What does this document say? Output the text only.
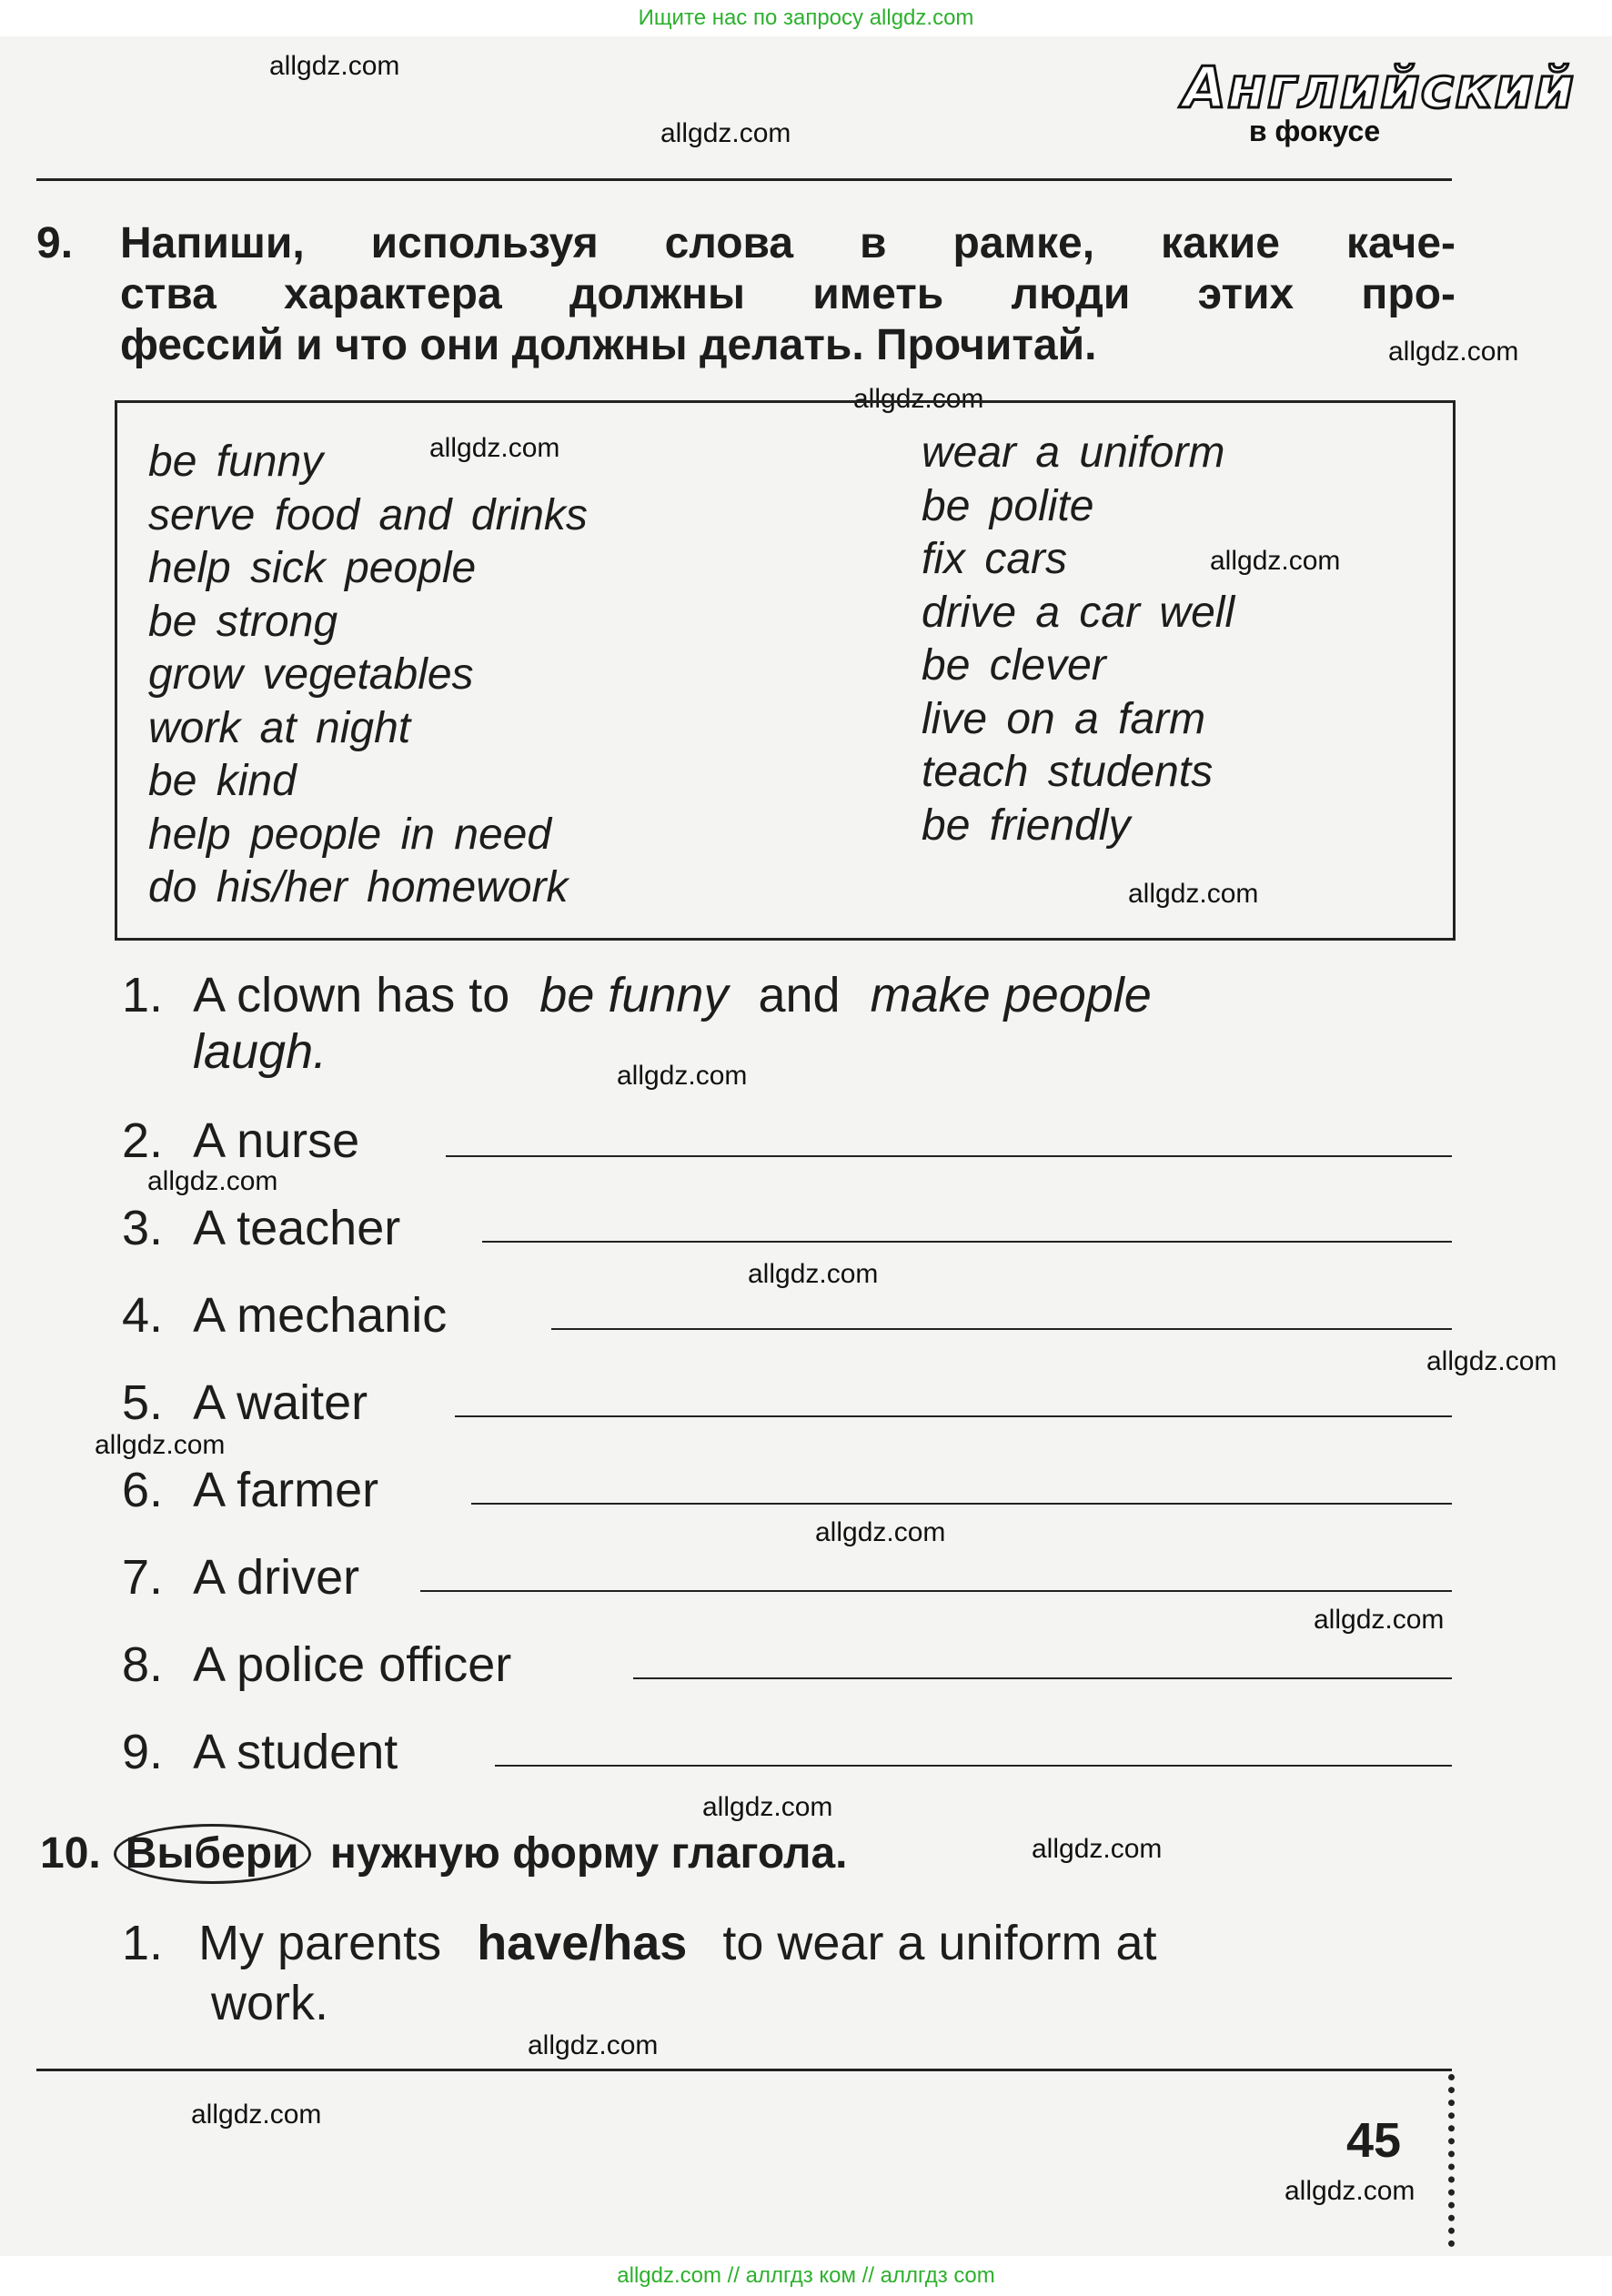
Ищите нас по запросу allgdz.com
allgdz.com
allgdz.com
allgdz.com
allgdz.com
allgdz.com
allgdz.com
allgdz.com
allgdz.com
allgdz.com
allgdz.com
allgdz.com
allgdz.com
allgdz.com
allgdz.com
allgdz.com
allgdz.com
allgdz.com
allgdz.com
allgdz.com
Английский
в фокусе
9. Напиши, используя слова в рамке, какие каче-
ства характера должны иметь люди этих про-
фессий и что они должны делать. Прочитай.
be funny
serve food and drinks
help sick people
be strong
grow vegetables
work at night
be kind
help people in need
do his/her homework
wear a uniform
be polite
fix cars
drive a car well
be clever
live on a farm
teach students
be friendly
1. A clown has to be funny and make people
laugh.
2. A nurse
3. A teacher
4. A mechanic
5. A waiter
6. A farmer
7. A driver
8. A police officer
9. A student
10. Выбери нужную форму глагола.
1. My parents have/has to wear a uniform at
work.
45
allgdz.com // аллгдз ком // аллгдз com
